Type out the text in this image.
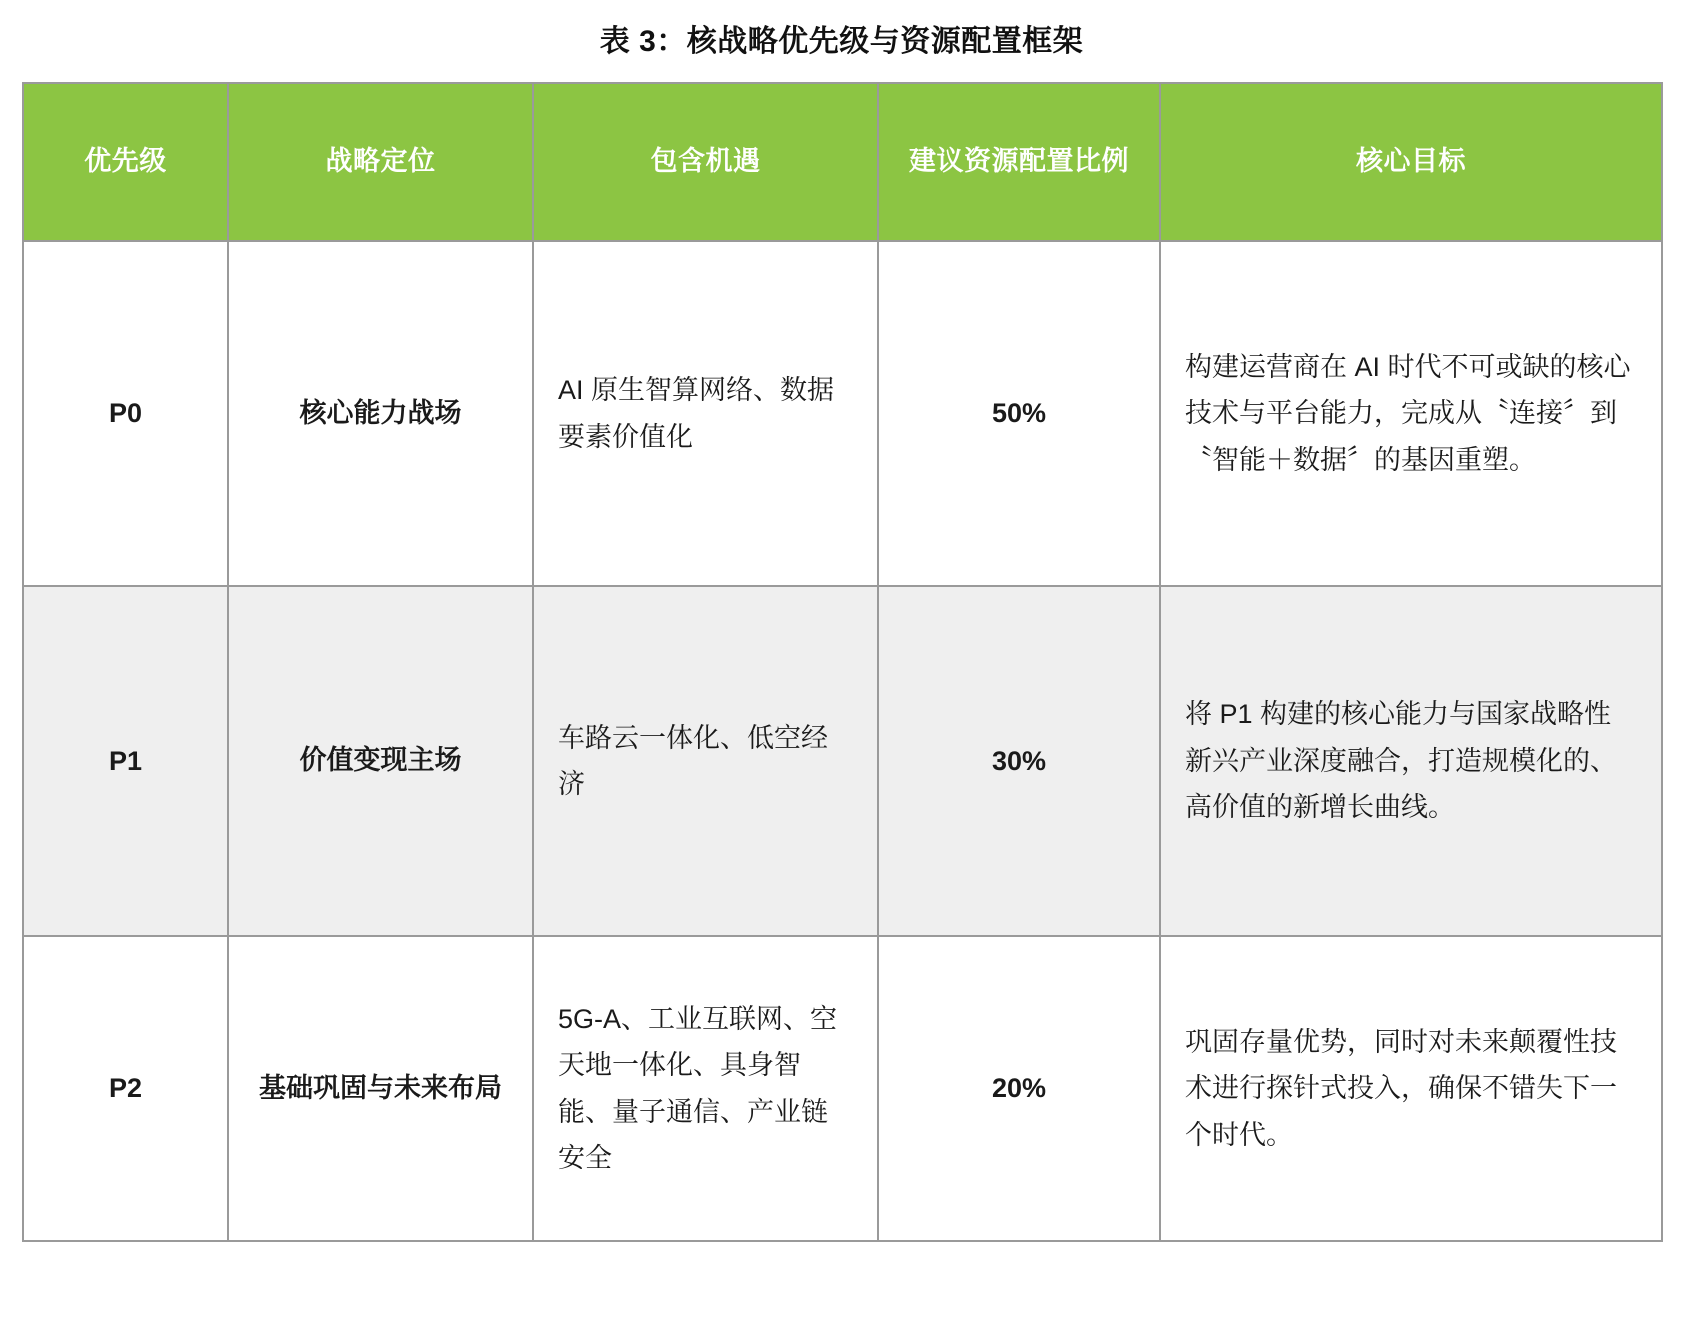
表 3：核战略优先级与资源配置框架
优先级	战略定位	包含机遇	建议资源配置比例	核心目标
P0	核心能力战场	AI 原生智算网络、数据要素价值化	50%	构建运营商在 AI 时代不可或缺的核心技术与平台能力，完成从〝连接〞到〝智能＋数据〞的基因重塑。
P1	价值变现主场	车路云一体化、低空经济	30%	将 P1 构建的核心能力与国家战略性新兴产业深度融合，打造规模化的、高价值的新增长曲线。
P2	基础巩固与未来布局	5G-A、工业互联网、空天地一体化、具身智能、量子通信、产业链安全	20%	巩固存量优势，同时对未来颠覆性技术进行探针式投入，确保不错失下一个时代。
